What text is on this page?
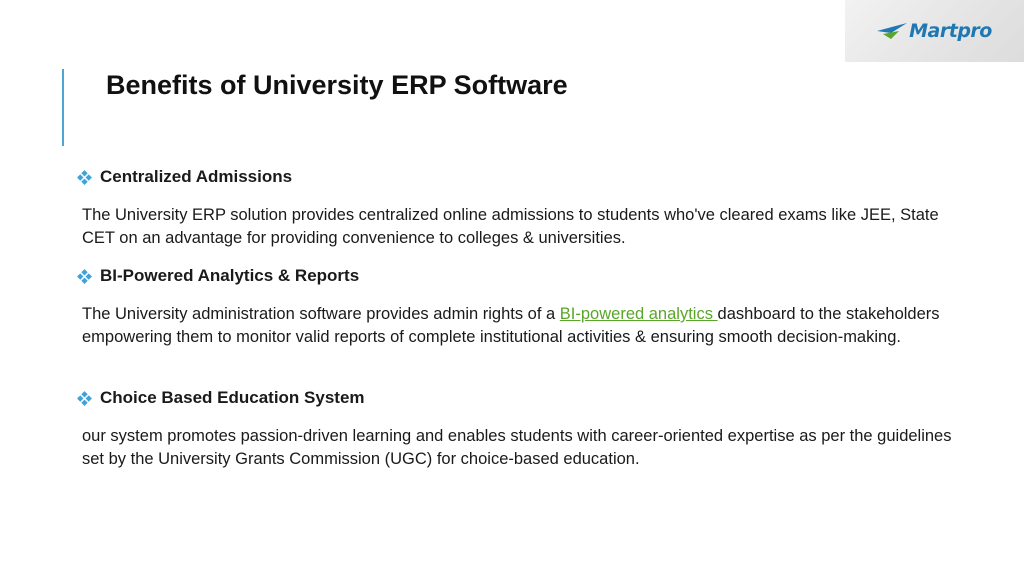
Martpro
Benefits of University ERP Software
Centralized Admissions
The University ERP solution provides centralized online admissions to students who've cleared exams like JEE, State CET on an advantage for providing convenience to colleges & universities.
BI-Powered Analytics & Reports
The University administration software provides admin rights of a BI-powered analytics dashboard to the stakeholders empowering them to monitor valid reports of complete institutional activities & ensuring smooth decision-making.
Choice Based Education System
our system promotes passion-driven learning and enables students with career-oriented expertise as per the guidelines set by the University Grants Commission (UGC) for choice-based education.
